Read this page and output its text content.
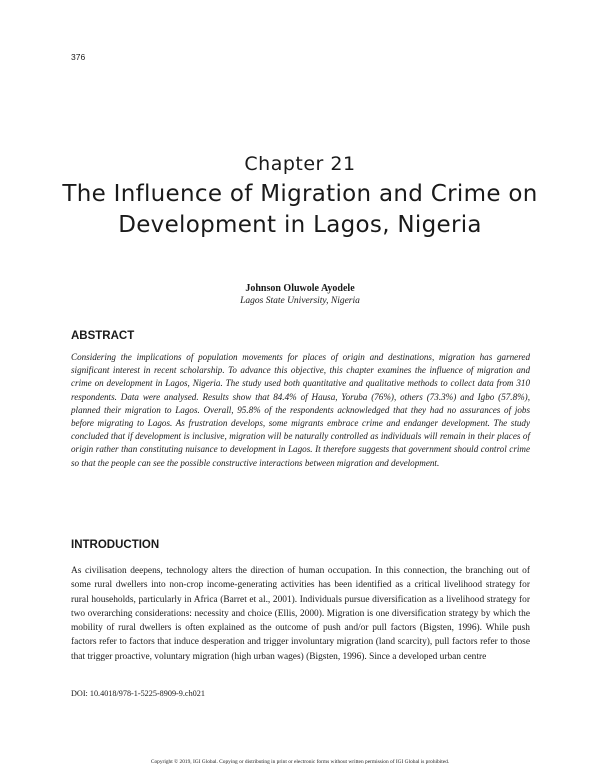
376
Chapter 21
The Influence of Migration and Crime on Development in Lagos, Nigeria
Johnson Oluwole Ayodele
Lagos State University, Nigeria
ABSTRACT
Considering the implications of population movements for places of origin and destinations, migration has garnered significant interest in recent scholarship. To advance this objective, this chapter examines the influence of migration and crime on development in Lagos, Nigeria. The study used both quantitative and qualitative methods to collect data from 310 respondents. Data were analysed. Results show that 84.4% of Hausa, Yoruba (76%), others (73.3%) and Igbo (57.8%), planned their migration to Lagos. Overall, 95.8% of the respondents acknowledged that they had no assurances of jobs before migrating to Lagos. As frustration develops, some migrants embrace crime and endanger development. The study concluded that if development is inclusive, migration will be naturally controlled as individuals will remain in their places of origin rather than constituting nuisance to development in Lagos. It therefore suggests that government should control crime so that the people can see the possible constructive interactions between migration and development.
INTRODUCTION
As civilisation deepens, technology alters the direction of human occupation. In this connection, the branching out of some rural dwellers into non-crop income-generating activities has been identified as a critical livelihood strategy for rural households, particularly in Africa (Barret et al., 2001). Individuals pursue diversification as a livelihood strategy for two overarching considerations: necessity and choice (Ellis, 2000). Migration is one diversification strategy by which the mobility of rural dwellers is often explained as the outcome of push and/or pull factors (Bigsten, 1996). While push factors refer to factors that induce desperation and trigger involuntary migration (land scarcity), pull factors refer to those that trigger proactive, voluntary migration (high urban wages) (Bigsten, 1996). Since a developed urban centre
DOI: 10.4018/978-1-5225-8909-9.ch021
Copyright © 2019, IGI Global. Copying or distributing in print or electronic forms without written permission of IGI Global is prohibited.
